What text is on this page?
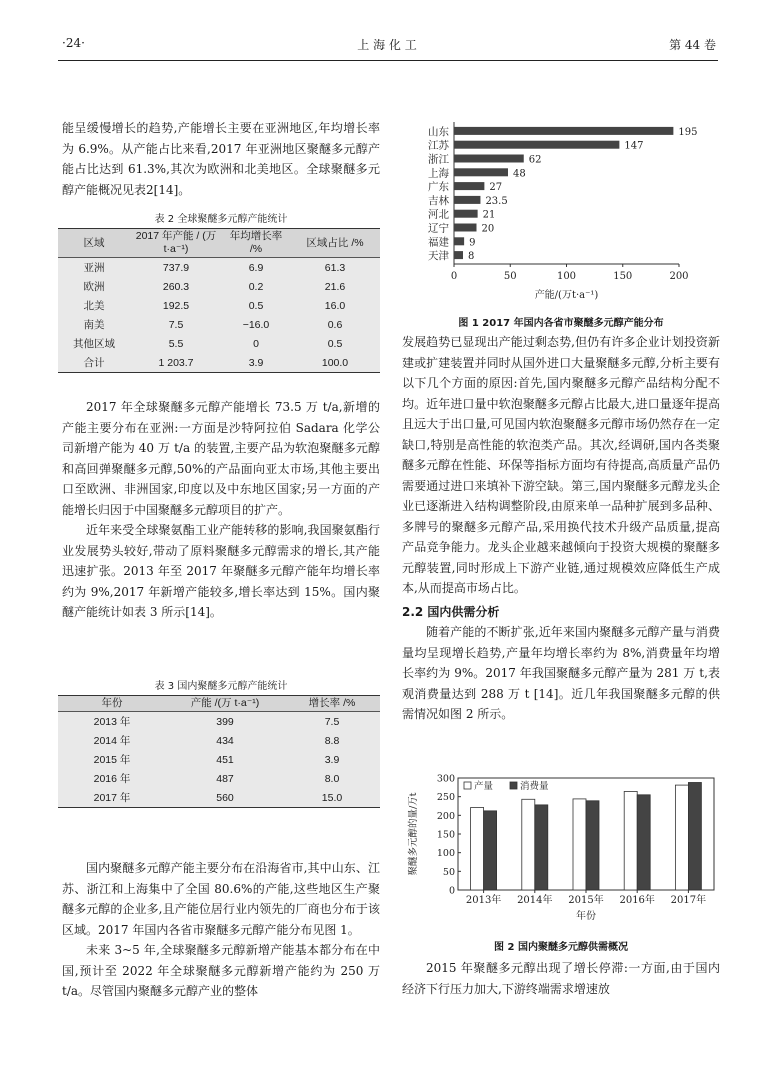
·24·	上 海 化 工	第 44 卷

能呈缓慢增长的趋势,产能增长主要在亚洲地区,年均增长率为 6.9%。从产能占比来看,2017 年亚洲地区聚醚多元醇产能占比达到 61.3%,其次为欧洲和北美地区。全球聚醚多元醇产能概况见表2[14]。

表 2 全球聚醚多元醇产能统计
区域	2017 年产能 / (万 t·a⁻¹)	年均增长率 /%	区域占比 /%
亚洲	737.9	6.9	61.3
欧洲	260.3	0.2	21.6
北美	192.5	0.5	16.0
南美	7.5	−16.0	0.6
其他区域	5.5	0	0.5
合计	1 203.7	3.9	100.0

2017 年全球聚醚多元醇产能增长 73.5 万 t/a,新增的产能主要分布在亚洲:一方面是沙特阿拉伯 Sadara 化学公司新增产能为 40 万 t/a 的装置,主要产品为软泡聚醚多元醇和高回弹聚醚多元醇,50%的产品面向亚太市场,其他主要出口至欧洲、非洲国家,印度以及中东地区国家;另一方面的产能增长归因于中国聚醚多元醇项目的扩产。

近年来受全球聚氨酯工业产能转移的影响,我国聚氨酯行业发展势头较好,带动了原料聚醚多元醇需求的增长,其产能迅速扩张。2013 年至 2017 年聚醚多元醇产能年均增长率约为 9%,2017 年新增产能较多,增长率达到 15%。国内聚醚产能统计如表 3 所示[14]。

表 3 国内聚醚多元醇产能统计
年份	产能 /(万 t·a⁻¹)	增长率 /%
2013 年	399	7.5
2014 年	434	8.8
2015 年	451	3.9
2016 年	487	8.0
2017 年	560	15.0

国内聚醚多元醇产能主要分布在沿海省市,其中山东、江苏、浙江和上海集中了全国 80.6%的产能,这些地区生产聚醚多元醇的企业多,且产能位居行业内领先的厂商也分布于该区域。2017 年国内各省市聚醚多元醇产能分布见图 1。

未来 3~5 年,全球聚醚多元醇新增产能基本都分布在中国,预计至 2022 年全球聚醚多元醇新增产能约为 250 万 t/a。尽管国内聚醚多元醇产业的整体

山东	195
江苏	147
浙江	62
上海	48
广东	27
吉林	23.5
河北	21
辽宁	20
福建 9
天津 8
0	50	100	150	200
产能/(万t·a⁻¹)
图 1 2017 年国内各省市聚醚多元醇产能分布

发展趋势已显现出产能过剩态势,但仍有许多企业计划投资新建或扩建装置并同时从国外进口大量聚醚多元醇,分析主要有以下几个方面的原因:首先,国内聚醚多元醇产品结构分配不均。近年进口量中软泡聚醚多元醇占比最大,进口量逐年提高且远大于出口量,可见国内软泡聚醚多元醇市场仍然存在一定缺口,特别是高性能的软泡类产品。其次,经调研,国内各类聚醚多元醇在性能、环保等指标方面均有待提高,高质量产品仍需要通过进口来填补下游空缺。第三,国内聚醚多元醇龙头企业已逐渐进入结构调整阶段,由原来单一品种扩展到多品种、多牌号的聚醚多元醇产品,采用换代技术升级产品质量,提高产品竞争能力。龙头企业越来越倾向于投资大规模的聚醚多元醇装置,同时形成上下游产业链,通过规模效应降低生产成本,从而提高市场占比。

2.2 国内供需分析

随着产能的不断扩张,近年来国内聚醚多元醇产量与消费量均呈现增长趋势,产量年均增长率约为 8%,消费量年均增长率约为 9%。2017 年我国聚醚多元醇产量为 281 万 t,表观消费量达到 288 万 t [14]。近几年我国聚醚多元醇的供需情况如图 2 所示。

0
50
100
150
200
250
300
2013年 2014年 2015年 2016年 2017年
年份
聚醚多元醇的量/万t
产量	消费量
图 2 国内聚醚多元醇供需概况

2015 年聚醚多元醇出现了增长停滞:一方面,由于国内经济下行压力加大,下游终端需求增速放
